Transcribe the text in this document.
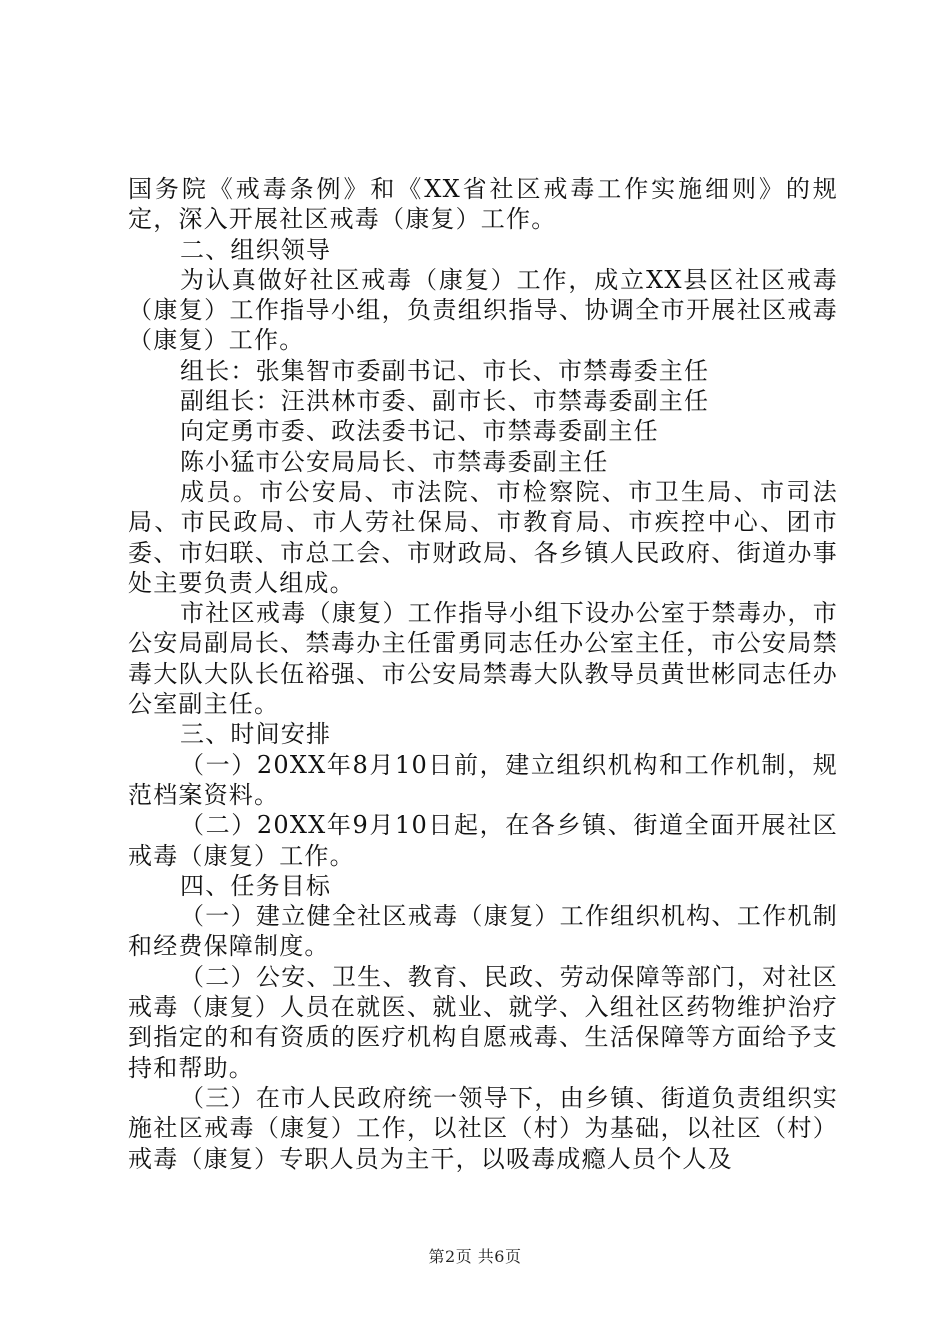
国务院《戒毒条例》和《XX省社区戒毒工作实施细则》的规定，深入开展社区戒毒（康复）工作。

二、组织领导

为认真做好社区戒毒（康复）工作，成立XX县区社区戒毒（康复）工作指导小组，负责组织指导、协调全市开展社区戒毒（康复）工作。

组长：张集智市委副书记、市长、市禁毒委主任

副组长：汪洪林市委、副市长、市禁毒委副主任

向定勇市委、政法委书记、市禁毒委副主任

陈小猛市公安局局长、市禁毒委副主任

成员。市公安局、市法院、市检察院、市卫生局、市司法局、市民政局、市人劳社保局、市教育局、市疾控中心、团市委、市妇联、市总工会、市财政局、各乡镇人民政府、街道办事处主要负责人组成。

市社区戒毒（康复）工作指导小组下设办公室于禁毒办，市公安局副局长、禁毒办主任雷勇同志任办公室主任，市公安局禁毒大队大队长伍裕强、市公安局禁毒大队教导员黄世彬同志任办公室副主任。

三、时间安排

（一）20XX年8月10日前，建立组织机构和工作机制，规范档案资料。

（二）20XX年9月10日起，在各乡镇、街道全面开展社区戒毒（康复）工作。

四、任务目标

（一）建立健全社区戒毒（康复）工作组织机构、工作机制和经费保障制度。

（二）公安、卫生、教育、民政、劳动保障等部门，对社区戒毒（康复）人员在就医、就业、就学、入组社区药物维护治疗到指定的和有资质的医疗机构自愿戒毒、生活保障等方面给予支持和帮助。

（三）在市人民政府统一领导下，由乡镇、街道负责组织实施社区戒毒（康复）工作，以社区（村）为基础，以社区（村）戒毒（康复）专职人员为主干，以吸毒成瘾人员个人及

第2页 共6页
